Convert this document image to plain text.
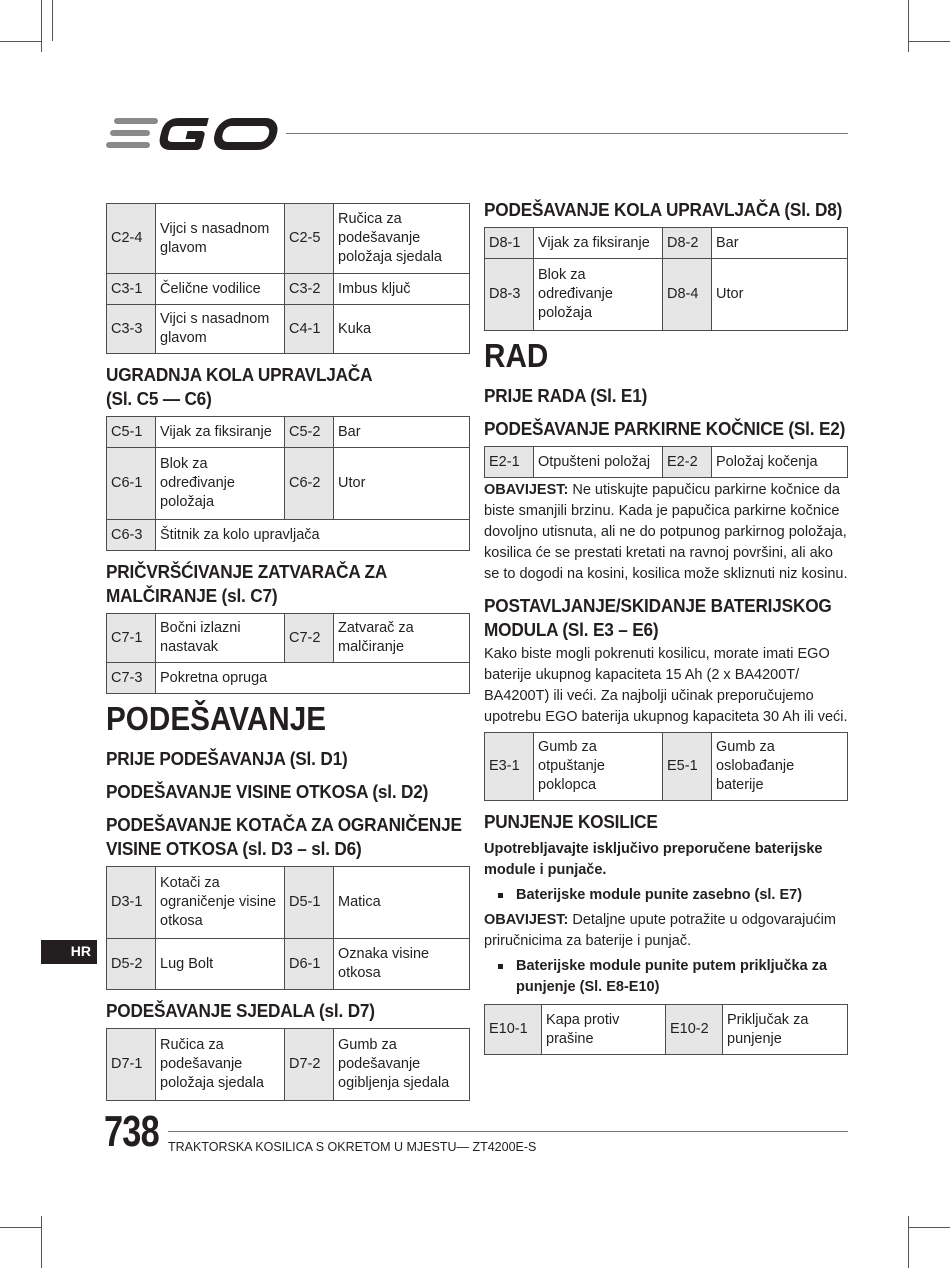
C2-4	Vijci s nasadnom glavom	C2-5	Ručica za podešavanje položaja sjedala
C3-1	Čelične vodilice	C3-2	Imbus ključ
C3-3	Vijci s nasadnom glavom	C4-1	Kuka
UGRADNJA KOLA UPRAVLJAČA
(Sl. C5 — C6)
C5-1	Vijak za fiksiranje	C5-2	Bar
C6-1	Blok za određivanje položaja	C6-2	Utor
C6-3	Štitnik za kolo upravljača		
PRIČVRŠĆIVANJE ZATVARAČA ZA
MALČIRANJE (sl. C7)
C7-1	Bočni izlazni nastavak	C7-2	Zatvarač za malčiranje
C7-3	Pokretna opruga		
PODEŠAVANJE
PRIJE PODEŠAVANJA (Sl. D1)
PODEŠAVANJE VISINE OTKOSA (sl. D2)
PODEŠAVANJE KOTAČA ZA OGRANIČENJE
VISINE OTKOSA (sl. D3 – sl. D6)
D3-1	Kotači za ograničenje visine otkosa	D5-1	Matica
D5-2	Lug Bolt	D6-1	Oznaka visine otkosa
PODEŠAVANJE SJEDALA (sl. D7)
D7-1	Ručica za podešavanje položaja sjedala	D7-2	Gumb za podešavanje ogibljenja sjedala
PODEŠAVANJE KOLA UPRAVLJAČA (Sl. D8)
D8-1	Vijak za fiksiranje	D8-2	Bar
D8-3	Blok za određivanje položaja	D8-4	Utor
RAD
PRIJE RADA (Sl. E1)
PODEŠAVANJE PARKIRNE KOČNICE (Sl. E2)
E2-1	Otpušteni položaj	E2-2	Položaj kočenja

OBAVIJEST: Ne utiskujte papučicu parkirne kočnice da biste smanjili brzinu. Kada je papučica parkirne kočnice dovoljno utisnuta, ali ne do potpunog parkirnog položaja, kosilica će se prestati kretati na ravnoj površini, ali ako se to dogodi na kosini, kosilica može skliznuti niz kosinu.

POSTAVLJANJE/SKIDANJE BATERIJSKOG
MODULA (Sl. E3 – E6)

Kako biste mogli pokrenuti kosilicu, morate imati EGO baterije ukupnog kapaciteta 15 Ah (2 x BA4200T/ BA4200T) ili veći. Za najbolji učinak preporučujemo upotrebu EGO baterija ukupnog kapaciteta 30 Ah ili veći.

E3-1	Gumb za otpuštanje poklopca	E5-1	Gumb za oslobađanje baterije
PUNJENJE KOSILICE

Upotrebljavajte isključivo preporučene baterijske module i punjače.

Baterijske module punite zasebno (sl. E7)

OBAVIJEST: Detaljne upute potražite u odgovarajućim priručnicima za baterije i punjač.

Baterijske module punite putem priključka za punjenje (Sl. E8-E10)
E10-1	Kapa protiv prašine	E10-2	Priključak za punjenje
HR
738 TRAKTORSKA KOSILICA S OKRETOM U MJESTU— ZT4200E-S
